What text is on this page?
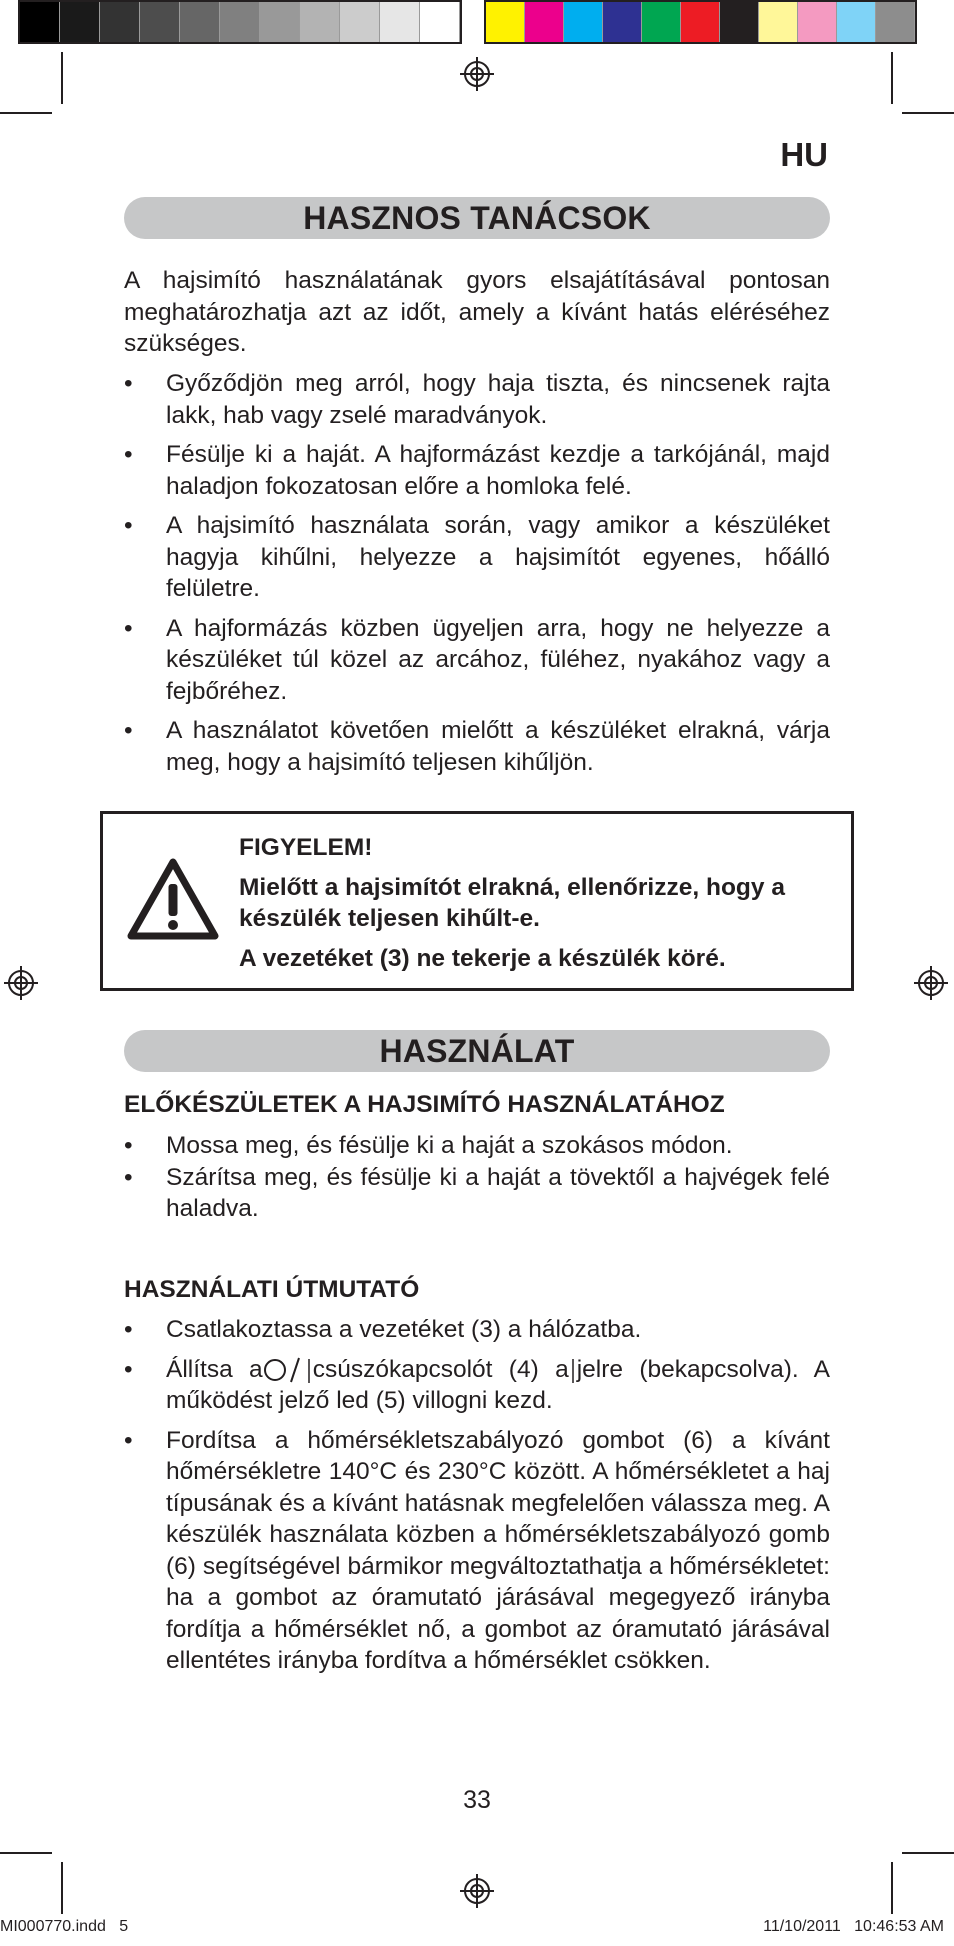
HU
HASZNOS TANÁCSOK
A hajsimító használatának gyors elsajátításával pontosan meghatározhatja azt az időt, amely a kívánt hatás eléréséhez szükséges.
• Győződjön meg arról, hogy haja tiszta, és nincsenek rajta lakk, hab vagy zselé maradványok.
• Fésülje ki a haját. A hajformázást kezdje a tarkójánál, majd haladjon fokozatosan előre a homloka felé.
• A hajsimító használata során, vagy amikor a készüléket hagyja kihűlni, helyezze a hajsimítót egyenes, hőálló felületre.
• A hajformázás közben ügyeljen arra, hogy ne helyezze a készüléket túl közel az arcához, füléhez, nyakához vagy a fejbőréhez.
• A használatot követően mielőtt a készüléket elrakná, várja meg, hogy a hajsimító teljesen kihűljön.

FIGYELEM!

Mielőtt a hajsimítót elrakná, ellenőrizze, hogy a készülék teljesen kihűlt-e.

A vezetéket (3) ne tekerje a készülék köré.

HASZNÁLAT
ELŐKÉSZÜLETEK A HAJSIMÍTÓ HASZNÁLATÁHOZ
• Mossa meg, és fésülje ki a haját a szokásos módon.
• Szárítsa meg, és fésülje ki a haját a tövektől a hajvégek felé haladva.
HASZNÁLATI ÚTMUTATÓ
• Csatlakoztassa a vezetéket (3) a hálózatba.
• Állítsa a csúszókapcsolót (4) a jelre (bekapcsolva). A működést jelző led (5) villogni kezd.
• Fordítsa a hőmérsékletszabályozó gombot (6) a kívánt hőmérsékletre 140°C és 230°C között. A hőmérsékletet a haj típusának és a kívánt hatásnak megfelelően válassza meg. A készülék használata közben a hőmérsékletszabályozó gomb (6) segítségével bármikor megváltoztathatja a hőmérsékletet: ha a gombot az óramutató járásával megegyező irányba fordítja a hőmérséklet nő, a gombot az óramutató járásával ellentétes irányba fordítva a hőmérséklet csökken.
33
MI000770.indd   5	11/10/2011   10:46:53 AM
